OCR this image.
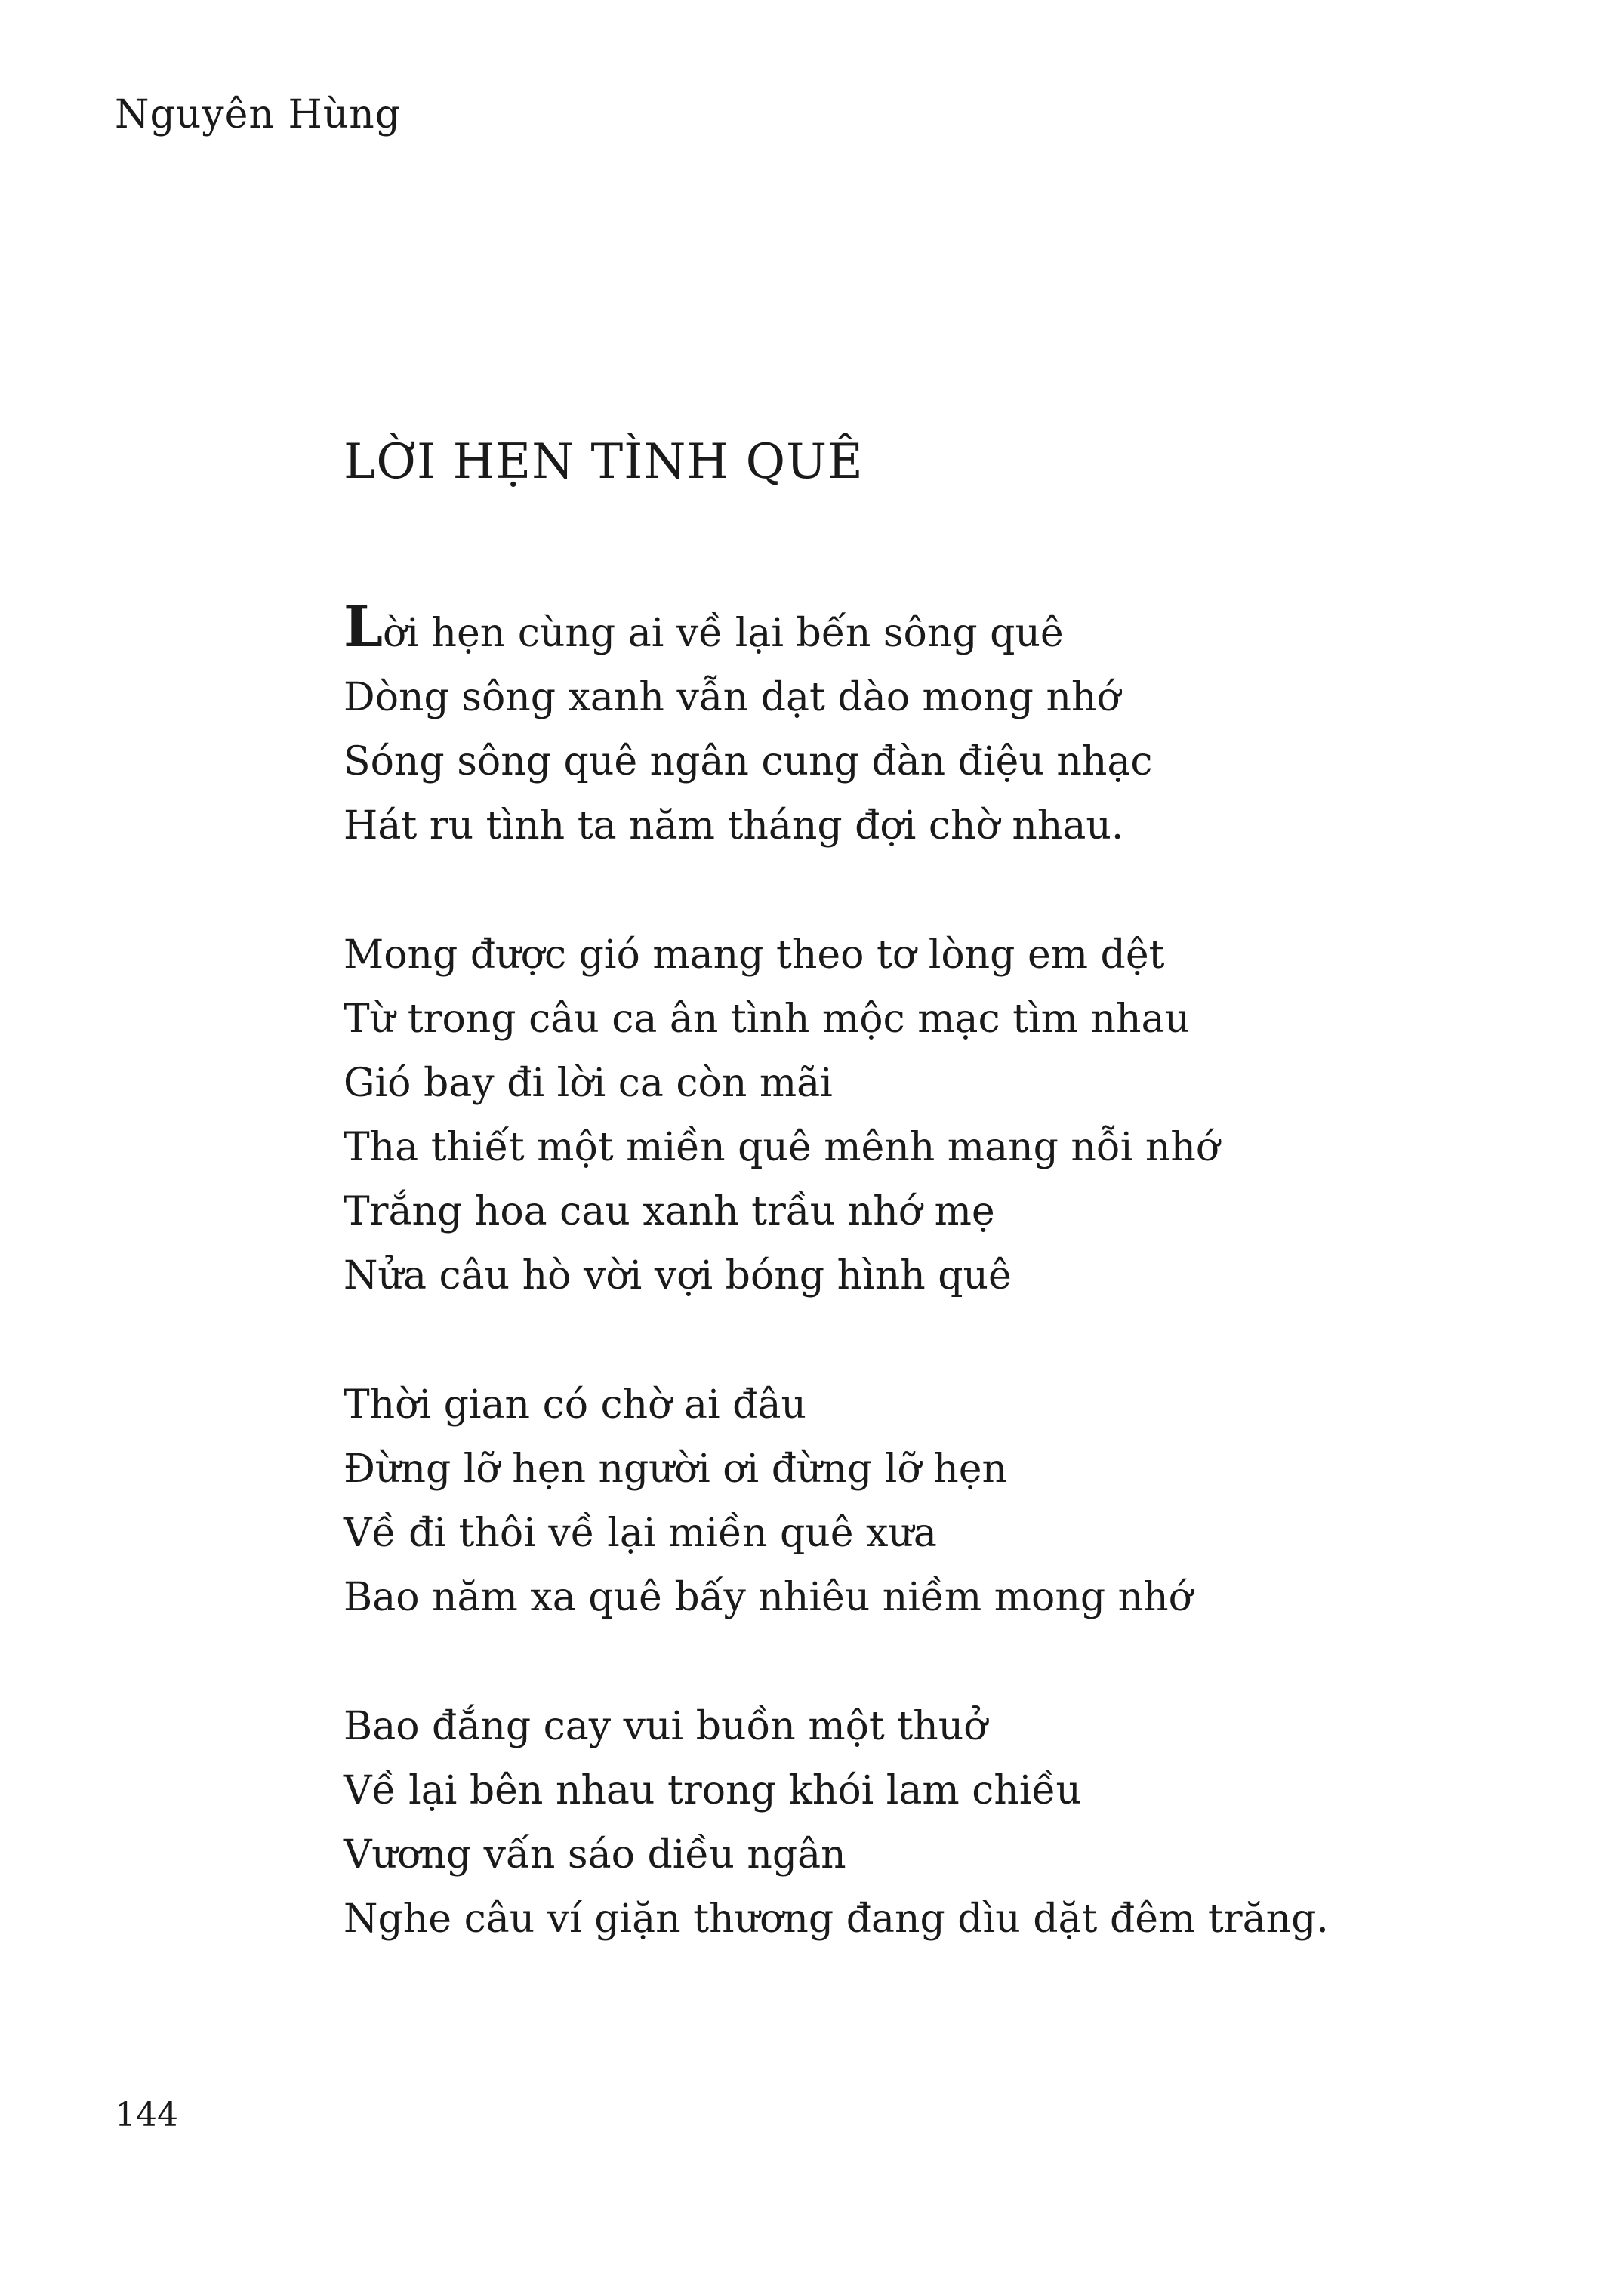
Nguyên Hùng
LỜI HẸN TÌNH QUÊ
Lời hẹn cùng ai về lại bến sông quê
Dòng sông xanh vẫn dạt dào mong nhớ
Sóng sông quê ngân cung đàn điệu nhạc
Hát ru tình ta năm tháng đợi chờ nhau.
Mong được gió mang theo tơ lòng em dệt
Từ trong câu ca ân tình mộc mạc tìm nhau
Gió bay đi lời ca còn mãi
Tha thiết một miền quê mênh mang nỗi nhớ
Trắng hoa cau xanh trầu nhớ mẹ
Nửa câu hò vời vợi bóng hình quê
Thời gian có chờ ai đâu
Đừng lỡ hẹn người ơi đừng lỡ hẹn
Về đi thôi về lại miền quê xưa
Bao năm xa quê bấy nhiêu niềm mong nhớ
Bao đắng cay vui buồn một thuở
Về lại bên nhau trong khói lam chiều
Vương vấn sáo diều ngân
Nghe câu ví giặn thương đang dìu dặt đêm trăng.
144
